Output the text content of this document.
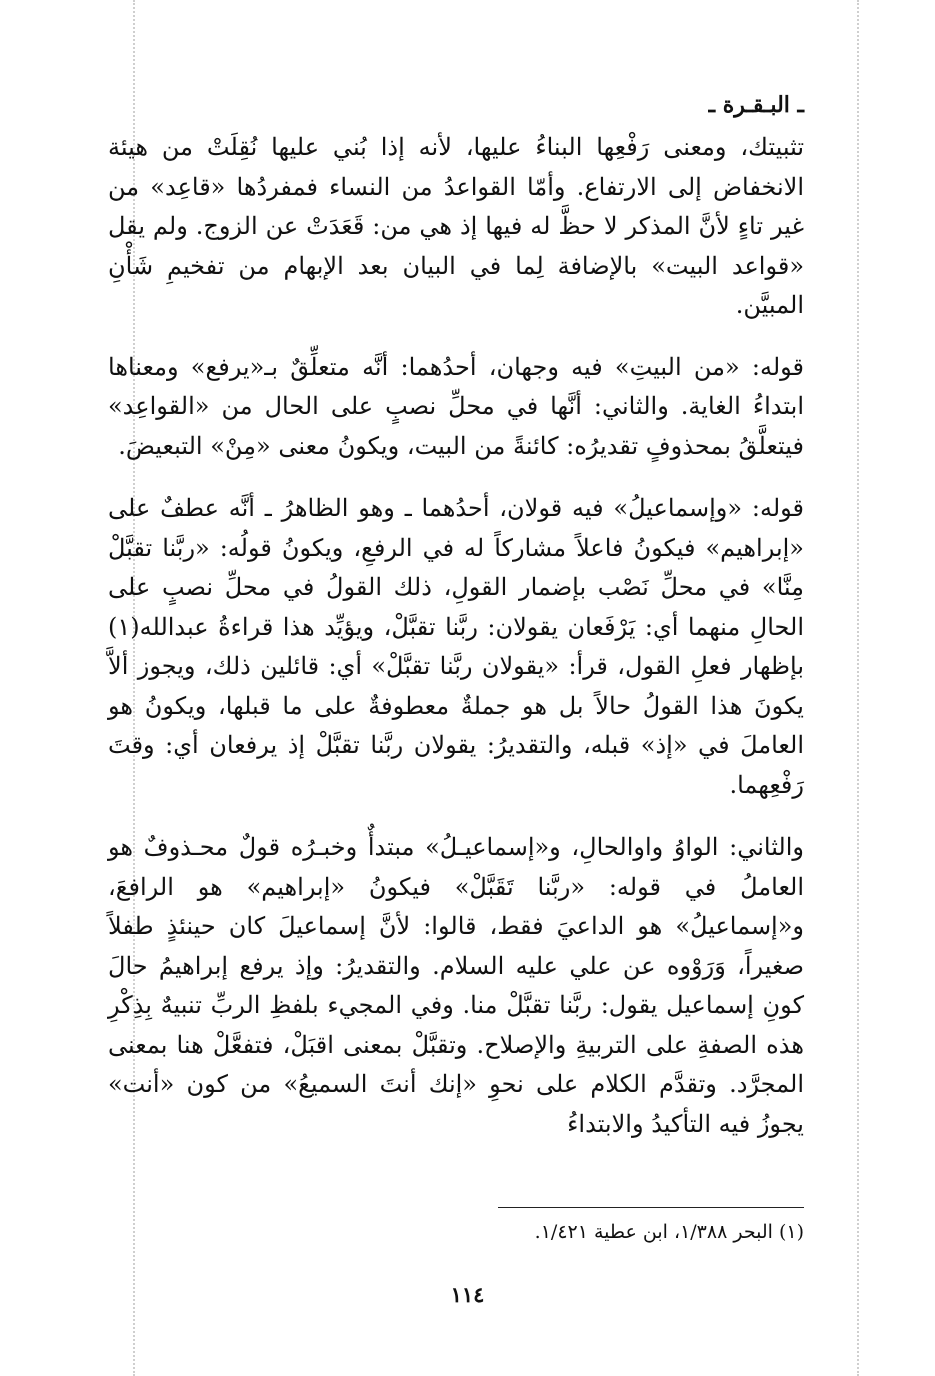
ـ البـقـرة ـ

تثبيتك، ومعنى رَفْعِها البناءُ عليها، لأنه إذا بُني عليها نُقِلَتْ من هيئة الانخفاض إلى الارتفاع. وأمّا القواعدُ من النساء فمفردُها «قاعِد» من غير تاءٍ لأنَّ المذكر لا حظَّ له فيها إذ هي من: قَعَدَتْ عن الزوج. ولم يقل «قواعد البيت» بالإضافة لِما في البيان بعد الإبهام من تفخيمِ شَأْنِ المبيَّن.

قوله: «من البيتِ» فيه وجهان، أحدُهما: أنَّه متعلِّقٌ بـ«يرفع» ومعناها ابتداءُ الغاية. والثاني: أنَّها في محلِّ نصبٍ على الحال من «القواعِد» فيتعلَّقُ بمحذوفٍ تقديرُه: كائنةً من البيت، ويكونُ معنى «مِنْ» التبعيضَ.

قوله: «وإسماعيلُ» فيه قولان، أحدُهما ـ وهو الظاهرُ ـ أنَّه عطفٌ على «إبراهيم» فيكونُ فاعلاً مشاركاً له في الرفعِ، ويكونُ قولُه: «ربَّنا تقبَّلْ مِنَّا» في محلِّ نَصْب بإضمار القولِ، ذلك القولُ في محلِّ نصبٍ على الحالِ منهما أي: يَرْفَعان يقولان: ربَّنا تقبَّلْ، ويؤيِّد هذا قراءةُ عبدالله(١) بإظهار فعلِ القول، قرأ: «يقولان ربَّنا تقبَّلْ» أي: قائلين ذلك، ويجوز ألاَّ يكونَ هذا القولُ حالاً بل هو جملةٌ معطوفةٌ على ما قبلها، ويكونُ هو العاملَ في «إذ» قبله، والتقديرُ: يقولان ربَّنا تقبَّلْ إذ يرفعان أي: وقتَ رَفْعِهما.

والثاني: الواوُ واوالحالِ، و«إسماعيـلُ» مبتدأٌ وخبـرُه قولٌ محـذوفٌ هو العاملُ في قوله: «ربَّنا تَقَبَّلْ» فيكونُ «إبراهيم» هو الرافعَ، و«إسماعيلُ» هو الداعيَ فقط، قالوا: لأنَّ إسماعيلَ كان حينئذٍ طفلاً صغيراً، وَرَوْوه عن علي عليه السلام. والتقديرُ: وإذ يرفع إبراهيمُ حالَ كونِ إسماعيل يقول: ربَّنا تقبَّلْ منا. وفي المجيء بلفظِ الربِّ تنبيهٌ بِذِكْرِ هذه الصفةِ على التربيةِ والإصلاح. وتقبَّلْ بمعنى اقبَلْ، فتفعَّلْ هنا بمعنى المجرَّد. وتقدَّم الكلام على نحوِ «إنك أنتَ السميعُ» من كون «أنت» يجوزُ فيه التأكيدُ والابتداءُ

(١) البحر ١/٣٨٨، ابن عطية ١/٤٢١.
١١٤
